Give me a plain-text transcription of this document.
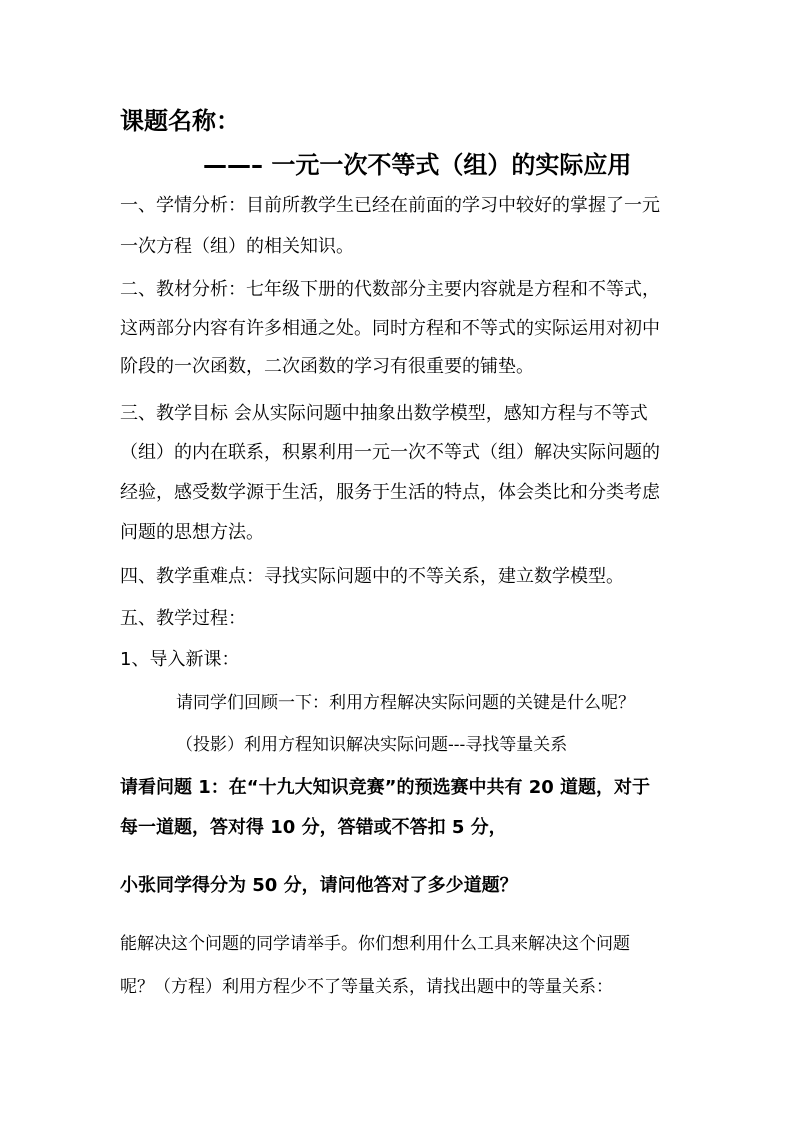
课题名称：
——– 一元一次不等式（组）的实际应用
一、学情分析：目前所教学生已经在前面的学习中较好的掌握了一元
一次方程（组）的相关知识。
二、教材分析：七年级下册的代数部分主要内容就是方程和不等式，
这两部分内容有许多相通之处。同时方程和不等式的实际运用对初中
阶段的一次函数，二次函数的学习有很重要的铺垫。
三、教学目标 会从实际问题中抽象出数学模型，感知方程与不等式
（组）的内在联系，积累利用一元一次不等式（组）解决实际问题的
经验，感受数学源于生活，服务于生活的特点，体会类比和分类考虑
问题的思想方法。
四、教学重难点：寻找实际问题中的不等关系，建立数学模型。
五、教学过程：
1、导入新课：
请同学们回顾一下：利用方程解决实际问题的关键是什么呢？
（投影）利用方程知识解决实际问题---寻找等量关系
请看问题 1：在“十九大知识竞赛”的预选赛中共有 20 道题，对于
每一道题，答对得 10 分，答错或不答扣 5 分，
小张同学得分为 50 分，请问他答对了多少道题？
能解决这个问题的同学请举手。你们想利用什么工具来解决这个问题
呢？（方程）利用方程少不了等量关系，请找出题中的等量关系：
